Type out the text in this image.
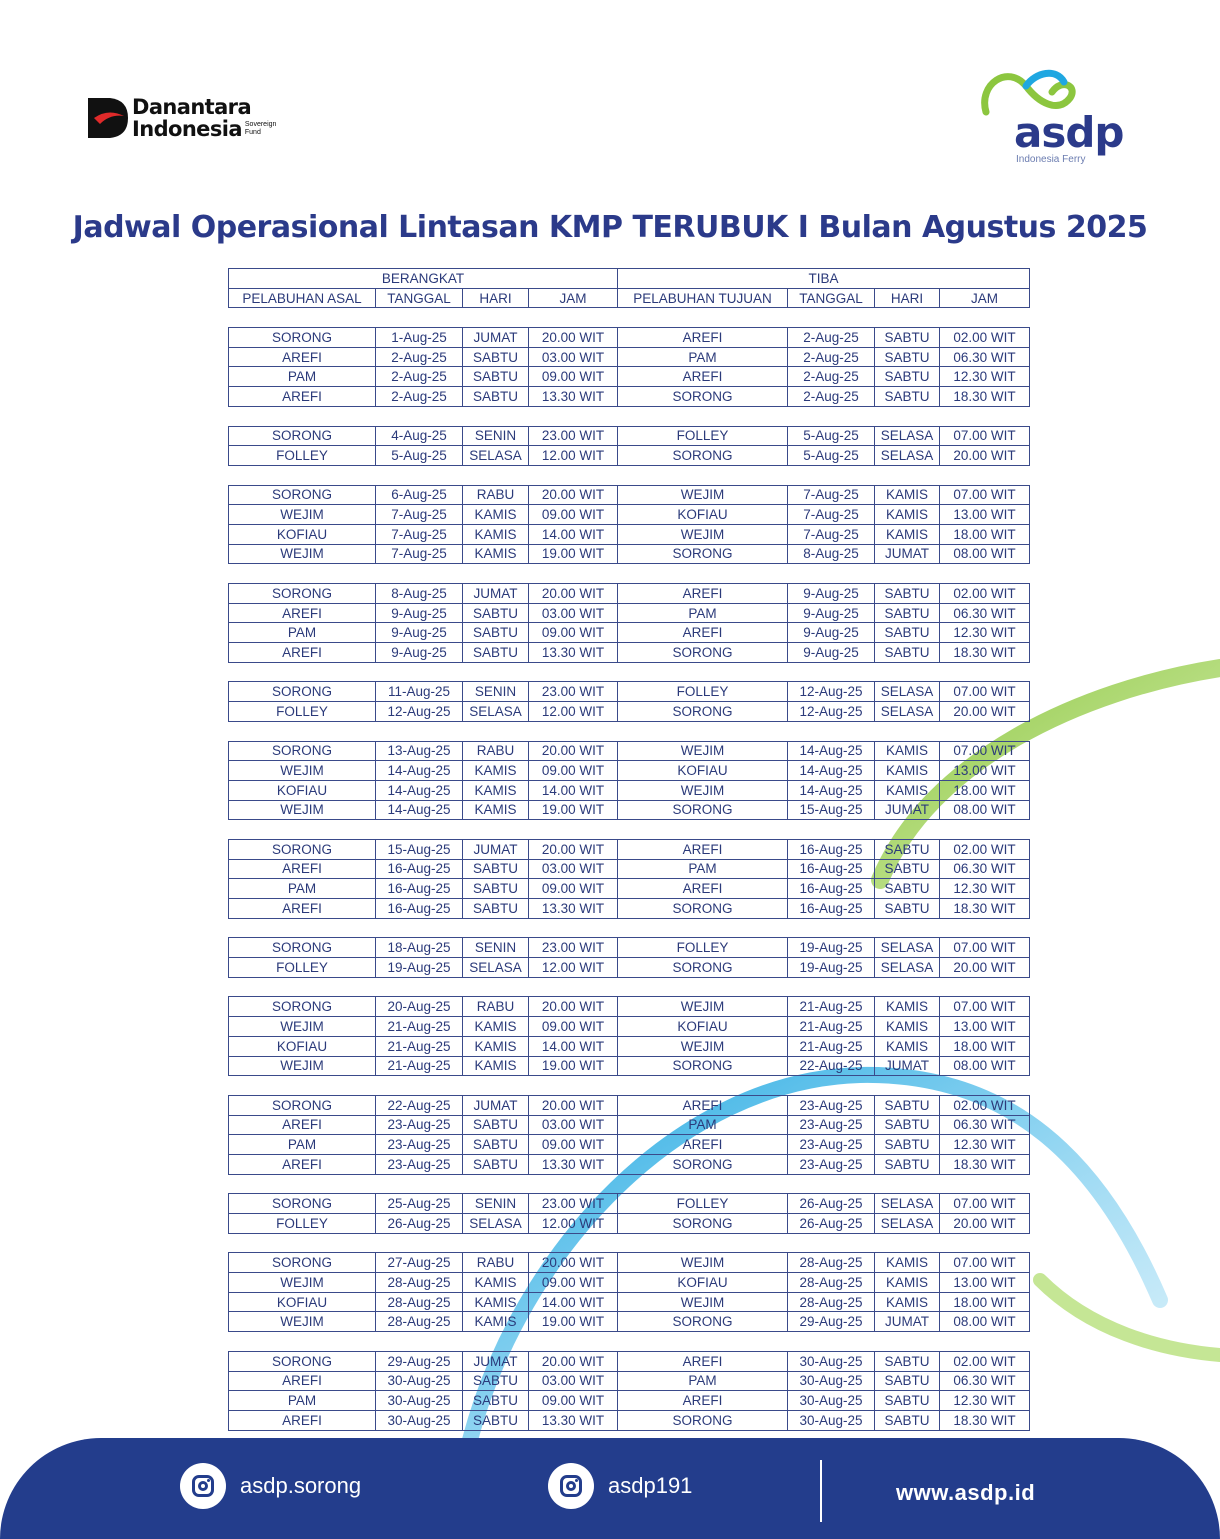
Danantara
Indonesia Sovereign Fund	asdp
Indonesia Ferry
Jadwal Operasional Lintasan KMP TERUBUK I Bulan Agustus 2025
BERANGKAT				TIBA			
PELABUHAN ASAL	TANGGAL	HARI	JAM	PELABUHAN TUJUAN	TANGGAL	HARI	JAM

SORONG	1-Aug-25	JUMAT	20.00 WIT	AREFI	2-Aug-25	SABTU	02.00 WIT
AREFI	2-Aug-25	SABTU	03.00 WIT	PAM	2-Aug-25	SABTU	06.30 WIT
PAM	2-Aug-25	SABTU	09.00 WIT	AREFI	2-Aug-25	SABTU	12.30 WIT
AREFI	2-Aug-25	SABTU	13.30 WIT	SORONG	2-Aug-25	SABTU	18.30 WIT

SORONG	4-Aug-25	SENIN	23.00 WIT	FOLLEY	5-Aug-25	SELASA	07.00 WIT
FOLLEY	5-Aug-25	SELASA	12.00 WIT	SORONG	5-Aug-25	SELASA	20.00 WIT

SORONG	6-Aug-25	RABU	20.00 WIT	WEJIM	7-Aug-25	KAMIS	07.00 WIT
WEJIM	7-Aug-25	KAMIS	09.00 WIT	KOFIAU	7-Aug-25	KAMIS	13.00 WIT
KOFIAU	7-Aug-25	KAMIS	14.00 WIT	WEJIM	7-Aug-25	KAMIS	18.00 WIT
WEJIM	7-Aug-25	KAMIS	19.00 WIT	SORONG	8-Aug-25	JUMAT	08.00 WIT

SORONG	8-Aug-25	JUMAT	20.00 WIT	AREFI	9-Aug-25	SABTU	02.00 WIT
AREFI	9-Aug-25	SABTU	03.00 WIT	PAM	9-Aug-25	SABTU	06.30 WIT
PAM	9-Aug-25	SABTU	09.00 WIT	AREFI	9-Aug-25	SABTU	12.30 WIT
AREFI	9-Aug-25	SABTU	13.30 WIT	SORONG	9-Aug-25	SABTU	18.30 WIT

SORONG	11-Aug-25	SENIN	23.00 WIT	FOLLEY	12-Aug-25	SELASA	07.00 WIT
FOLLEY	12-Aug-25	SELASA	12.00 WIT	SORONG	12-Aug-25	SELASA	20.00 WIT

SORONG	13-Aug-25	RABU	20.00 WIT	WEJIM	14-Aug-25	KAMIS	07.00 WIT
WEJIM	14-Aug-25	KAMIS	09.00 WIT	KOFIAU	14-Aug-25	KAMIS	13.00 WIT
KOFIAU	14-Aug-25	KAMIS	14.00 WIT	WEJIM	14-Aug-25	KAMIS	18.00 WIT
WEJIM	14-Aug-25	KAMIS	19.00 WIT	SORONG	15-Aug-25	JUMAT	08.00 WIT

SORONG	15-Aug-25	JUMAT	20.00 WIT	AREFI	16-Aug-25	SABTU	02.00 WIT
AREFI	16-Aug-25	SABTU	03.00 WIT	PAM	16-Aug-25	SABTU	06.30 WIT
PAM	16-Aug-25	SABTU	09.00 WIT	AREFI	16-Aug-25	SABTU	12.30 WIT
AREFI	16-Aug-25	SABTU	13.30 WIT	SORONG	16-Aug-25	SABTU	18.30 WIT

SORONG	18-Aug-25	SENIN	23.00 WIT	FOLLEY	19-Aug-25	SELASA	07.00 WIT
FOLLEY	19-Aug-25	SELASA	12.00 WIT	SORONG	19-Aug-25	SELASA	20.00 WIT

SORONG	20-Aug-25	RABU	20.00 WIT	WEJIM	21-Aug-25	KAMIS	07.00 WIT
WEJIM	21-Aug-25	KAMIS	09.00 WIT	KOFIAU	21-Aug-25	KAMIS	13.00 WIT
KOFIAU	21-Aug-25	KAMIS	14.00 WIT	WEJIM	21-Aug-25	KAMIS	18.00 WIT
WEJIM	21-Aug-25	KAMIS	19.00 WIT	SORONG	22-Aug-25	JUMAT	08.00 WIT

SORONG	22-Aug-25	JUMAT	20.00 WIT	AREFI	23-Aug-25	SABTU	02.00 WIT
AREFI	23-Aug-25	SABTU	03.00 WIT	PAM	23-Aug-25	SABTU	06.30 WIT
PAM	23-Aug-25	SABTU	09.00 WIT	AREFI	23-Aug-25	SABTU	12.30 WIT
AREFI	23-Aug-25	SABTU	13.30 WIT	SORONG	23-Aug-25	SABTU	18.30 WIT

SORONG	25-Aug-25	SENIN	23.00 WIT	FOLLEY	26-Aug-25	SELASA	07.00 WIT
FOLLEY	26-Aug-25	SELASA	12.00 WIT	SORONG	26-Aug-25	SELASA	20.00 WIT

SORONG	27-Aug-25	RABU	20.00 WIT	WEJIM	28-Aug-25	KAMIS	07.00 WIT
WEJIM	28-Aug-25	KAMIS	09.00 WIT	KOFIAU	28-Aug-25	KAMIS	13.00 WIT
KOFIAU	28-Aug-25	KAMIS	14.00 WIT	WEJIM	28-Aug-25	KAMIS	18.00 WIT
WEJIM	28-Aug-25	KAMIS	19.00 WIT	SORONG	29-Aug-25	JUMAT	08.00 WIT

SORONG	29-Aug-25	JUMAT	20.00 WIT	AREFI	30-Aug-25	SABTU	02.00 WIT
AREFI	30-Aug-25	SABTU	03.00 WIT	PAM	30-Aug-25	SABTU	06.30 WIT
PAM	30-Aug-25	SABTU	09.00 WIT	AREFI	30-Aug-25	SABTU	12.30 WIT
AREFI	30-Aug-25	SABTU	13.30 WIT	SORONG	30-Aug-25	SABTU	18.30 WIT
asdp.sorong	asdp191	www.asdp.id
